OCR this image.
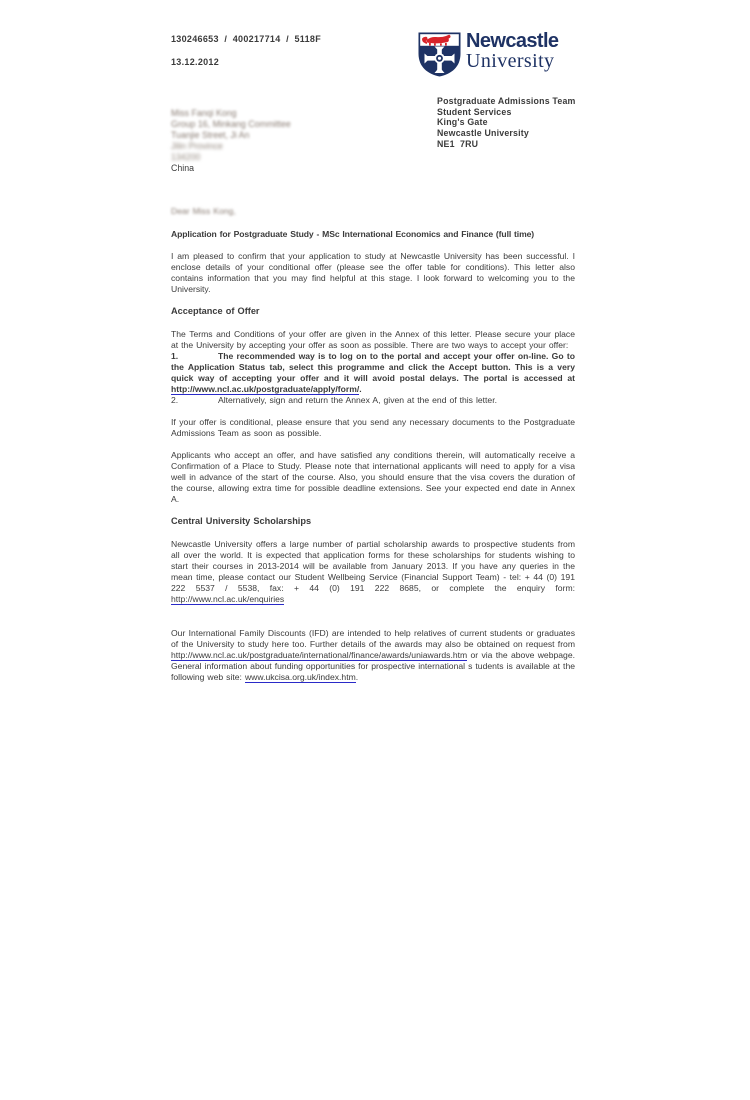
130246653  /  400217714  /  5118F
13.12.2012
Newcastle
University
Postgraduate Admissions Team
Student Services
King's Gate
Newcastle University
NE1  7RU
Miss Fanqi Kong
Group 16, Minkang Committee
Tuanjie Street, Ji An
Jilin Province
134200
China

Dear Miss Kong,

Application for Postgraduate Study - MSc International Economics and Finance (full time)

I am pleased to confirm that your application to study at Newcastle University has been successful. I enclose details of your conditional offer (please see the offer table for conditions). This letter also contains information that you may find helpful at this stage. I look forward to welcoming you to the University.

Acceptance of Offer

The Terms and Conditions of your offer are given in the Annex of this letter. Please secure your place at the University by accepting your offer as soon as possible. There are two ways to accept your offer:

1.	The recommended way is to log on to the portal and accept your offer on-line. Go to the Application Status tab, select this programme and click the Accept button. This is a very quick way of accepting your offer and it will avoid postal delays. The portal is accessed at http://www.ncl.ac.uk/postgraduate/apply/form/.

2.	Alternatively, sign and return the Annex A, given at the end of this letter.

If your offer is conditional, please ensure that you send any necessary documents to the Postgraduate Admissions Team as soon as possible.

Applicants who accept an offer, and have satisfied any conditions therein, will automatically receive a Confirmation of a Place to Study. Please note that international applicants will need to apply for a visa well in advance of the start of the course. Also, you should ensure that the visa covers the duration of the course, allowing extra time for possible deadline extensions. See your expected end date in Annex A.

Central University Scholarships

Newcastle University offers a large number of partial scholarship awards to prospective students from all over the world. It is expected that application forms for these scholarships for students wishing to start their courses in 2013-2014 will be available from January 2013. If you have any queries in the mean time, please contact our Student Wellbeing Service (Financial Support Team) - tel: + 44 (0) 191 222 5537 / 5538, fax: + 44 (0) 191 222 8685, or complete the enquiry form: http://www.ncl.ac.uk/enquiries

Our International Family Discounts (IFD) are intended to help relatives of current students or graduates of the University to study here too. Further details of the awards may also be obtained on request from http://www.ncl.ac.uk/postgraduate/international/finance/awards/uniawards.htm or via the above webpage. General information about funding opportunities for prospective international s tudents is available at the following web site: www.ukcisa.org.uk/index.htm.
